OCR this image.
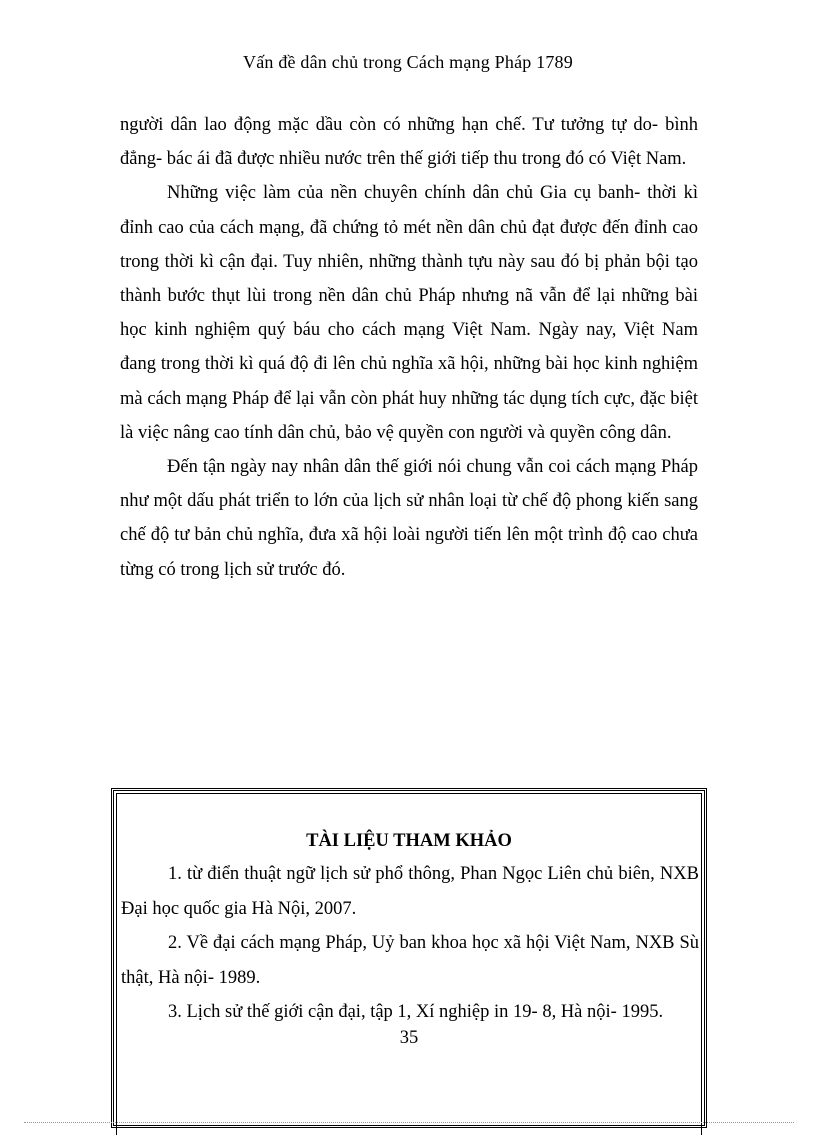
Vấn đề dân chủ trong Cách mạng Pháp 1789

người dân lao động mặc dầu còn có những hạn chế. Tư tưởng tự do- bình đẳng- bác ái đã được nhiều nước trên thế giới tiếp thu trong đó có Việt Nam.

Những việc làm của nền chuyên chính dân chủ Gia cụ banh- thời kì đỉnh cao của cách mạng, đã chứng tỏ mét nền dân chủ đạt được đến đỉnh cao trong thời kì cận đại. Tuy nhiên, những thành tựu này sau đó bị phản bội tạo thành bước thụt lùi trong nền dân chủ Pháp nhưng nã vẫn để lại những bài học kinh nghiệm quý báu cho cách mạng Việt Nam. Ngày nay, Việt Nam đang trong thời kì quá độ đi lên chủ nghĩa xã hội, những bài học kinh nghiệm mà cách mạng Pháp để lại vẫn còn phát huy những tác dụng tích cực, đặc biệt là việc nâng cao tính dân chủ, bảo vệ quyền con người và quyền công dân.

Đến tận ngày nay nhân dân thế giới nói chung vẫn coi cách mạng Pháp như một dấu phát triển to lớn của lịch sử nhân loại từ chế độ phong kiến sang chế độ tư bản chủ nghĩa, đưa xã hội loài người tiến lên một trình độ cao chưa từng có trong lịch sử trước đó.

TÀI LIỆU THAM KHẢO

1. từ điển thuật ngữ lịch sử phổ thông, Phan Ngọc Liên chủ biên, NXB Đại học quốc gia Hà Nội, 2007.

2. Về đại cách mạng Pháp, Uỷ ban khoa học xã hội Việt Nam, NXB Sù thật, Hà nội- 1989.

3. Lịch sử thế giới cận đại, tập 1, Xí nghiệp in 19- 8, Hà nội- 1995.

35
